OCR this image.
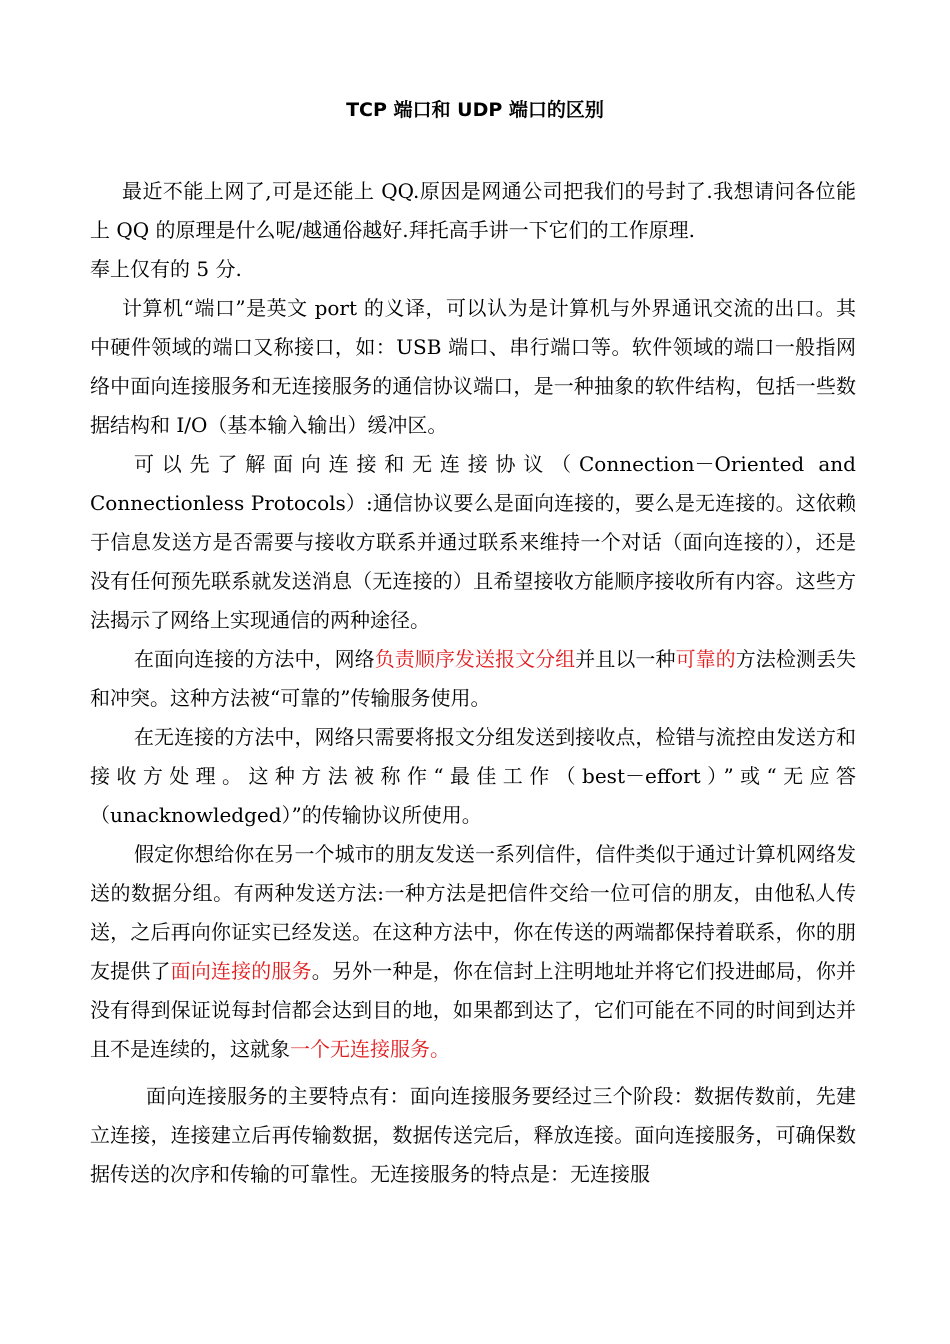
TCP 端口和 UDP 端口的区别

最近不能上网了,可是还能上 QQ.原因是网通公司把我们的号封了.我想请问各位能上 QQ 的原理是什么呢/越通俗越好.拜托高手讲一下它们的工作原理.

奉上仅有的 5 分.

计算机“端口”是英文 port 的义译，可以认为是计算机与外界通讯交流的出口。其中硬件领域的端口又称接口，如：USB 端口、串行端口等。软件领域的端口一般指网络中面向连接服务和无连接服务的通信协议端口，是一种抽象的软件结构，包括一些数据结构和 I/O（基本输入输出）缓冲区。

可以先了解面向连接和无连接协议（Connection－Oriented and Connectionless Protocols）:通信协议要么是面向连接的，要么是无连接的。这依赖于信息发送方是否需要与接收方联系并通过联系来维持一个对话（面向连接的），还是没有任何预先联系就发送消息（无连接的）且希望接收方能顺序接收所有内容。这些方法揭示了网络上实现通信的两种途径。

在面向连接的方法中，网络负责顺序发送报文分组并且以一种可靠的方法检测丢失和冲突。这种方法被“可靠的”传输服务使用。

在无连接的方法中，网络只需要将报文分组发送到接收点，检错与流控由发送方和接收方处理。这种方法被称作“最佳工作（best－effort）”或“无应答（unacknowledged）”的传输协议所使用。

假定你想给你在另一个城市的朋友发送一系列信件，信件类似于通过计算机网络发送的数据分组。有两种发送方法:一种方法是把信件交给一位可信的朋友，由他私人传送，之后再向你证实已经发送。在这种方法中，你在传送的两端都保持着联系，你的朋友提供了面向连接的服务。另外一种是，你在信封上注明地址并将它们投进邮局，你并没有得到保证说每封信都会达到目的地，如果都到达了，它们可能在不同的时间到达并且不是连续的，这就象一个无连接服务。

面向连接服务的主要特点有：面向连接服务要经过三个阶段：数据传数前，先建立连接，连接建立后再传输数据，数据传送完后，释放连接。面向连接服务，可确保数据传送的次序和传输的可靠性。无连接服务的特点是：无连接服
